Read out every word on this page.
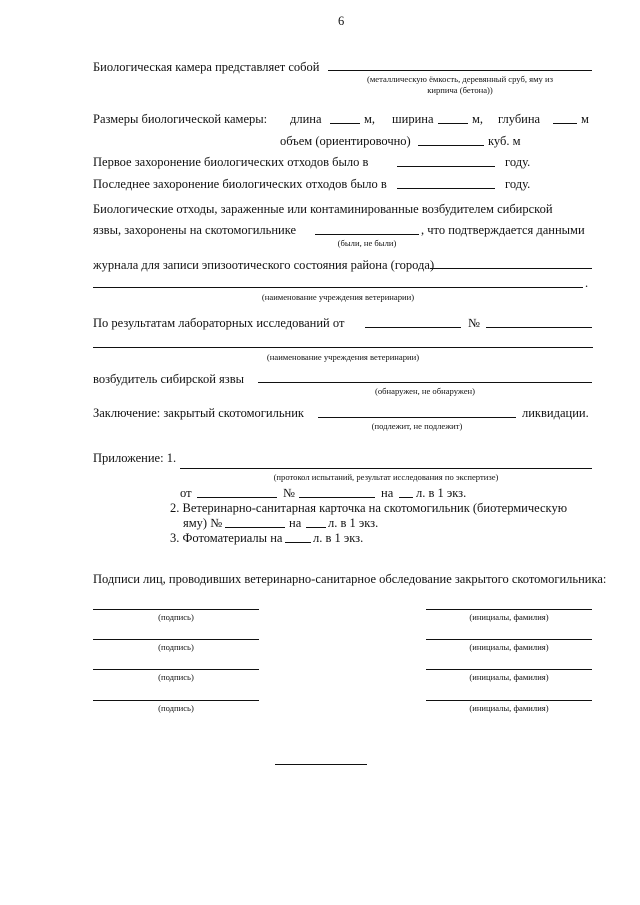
6
Биологическая камера представляет собой
(металлическую ёмкость, деревянный сруб, яму из
кирпича (бетона))
Размеры биологической камеры: длина	м, ширина	м, глубина	м
объем (ориентировочно)	куб. м
Первое захоронение биологических отходов было в	году.
Последнее захоронение биологических отходов было в	году.
Биологические отходы, зараженные или контаминированные возбудителем сибирской
язвы, захоронены на скотомогильнике	, что подтверждается данными
(были, не были)
журнала для записи эпизоотического состояния района (города)
.
(наименование учреждения ветеринарии)
По результатам лабораторных исследований от	№
(наименование учреждения ветеринарии)
возбудитель сибирской язвы
(обнаружен, не обнаружен)
Заключение: закрытый скотомогильник	ликвидации.
(подлежит, не подлежит)
Приложение: 1.
(протокол испытаний, результат исследования по экспертизе)
от	№	на л. в 1 экз.
2. Ветеринарно-санитарная карточка на скотомогильник (биотермическую
яму) №	на л. в 1 экз.
3. Фотоматериалы на л. в 1 экз.
Подписи лиц, проводивших ветеринарно-санитарное обследование закрытого скотомогильника:
(подпись)	(инициалы, фамилия)
(подпись)	(инициалы, фамилия)
(подпись)	(инициалы, фамилия)
(подпись)	(инициалы, фамилия)
